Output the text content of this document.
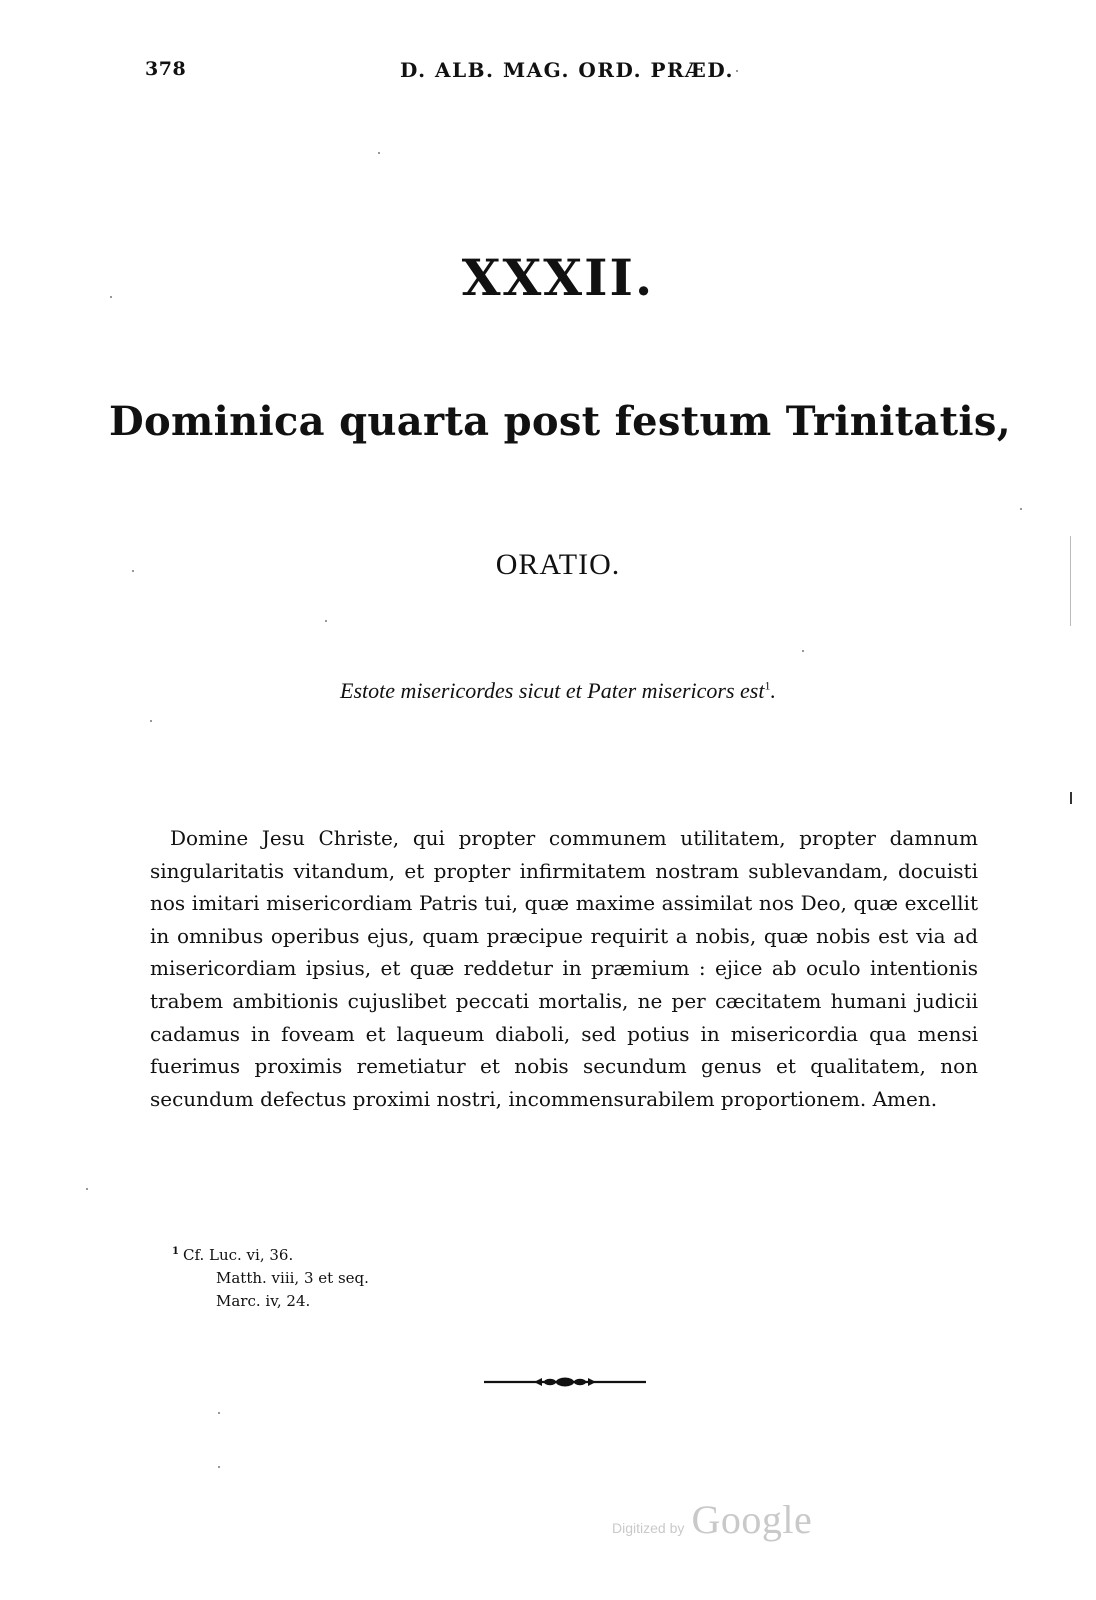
378	D. ALB. MAG. ORD. PRÆD.
XXXII.
Dominica quarta post festum Trinitatis,
ORATIO.
Estote misericordes sicut et Pater misericors est$^1$.

Domine Jesu Christe, qui propter communem utilitatem, propter damnum singularitatis vitandum, et propter infirmitatem nostram sublevandam, docuisti nos imitari misericordiam Patris tui, quæ maxime assimilat nos Deo, quæ excellit in omnibus operibus ejus, quam præcipue requirit a nobis, quæ nobis est via ad misericordiam ipsius, et quæ reddetur in præmium : ejice ab oculo intentionis trabem ambitionis cujuslibet peccati mortalis, ne per cæcitatem humani judicii cadamus in foveam et laqueum diaboli, sed potius in misericordia qua mensi fuerimus proximis remetiatur et nobis secundum genus et qualitatem, non secundum defectus proximi nostri, incommensurabilem proportionem. Amen.

$^1$ Cf. Luc. vi, 36.
Matth. viii, 3 et seq.
Marc. iv, 24.
Digitized by Google
